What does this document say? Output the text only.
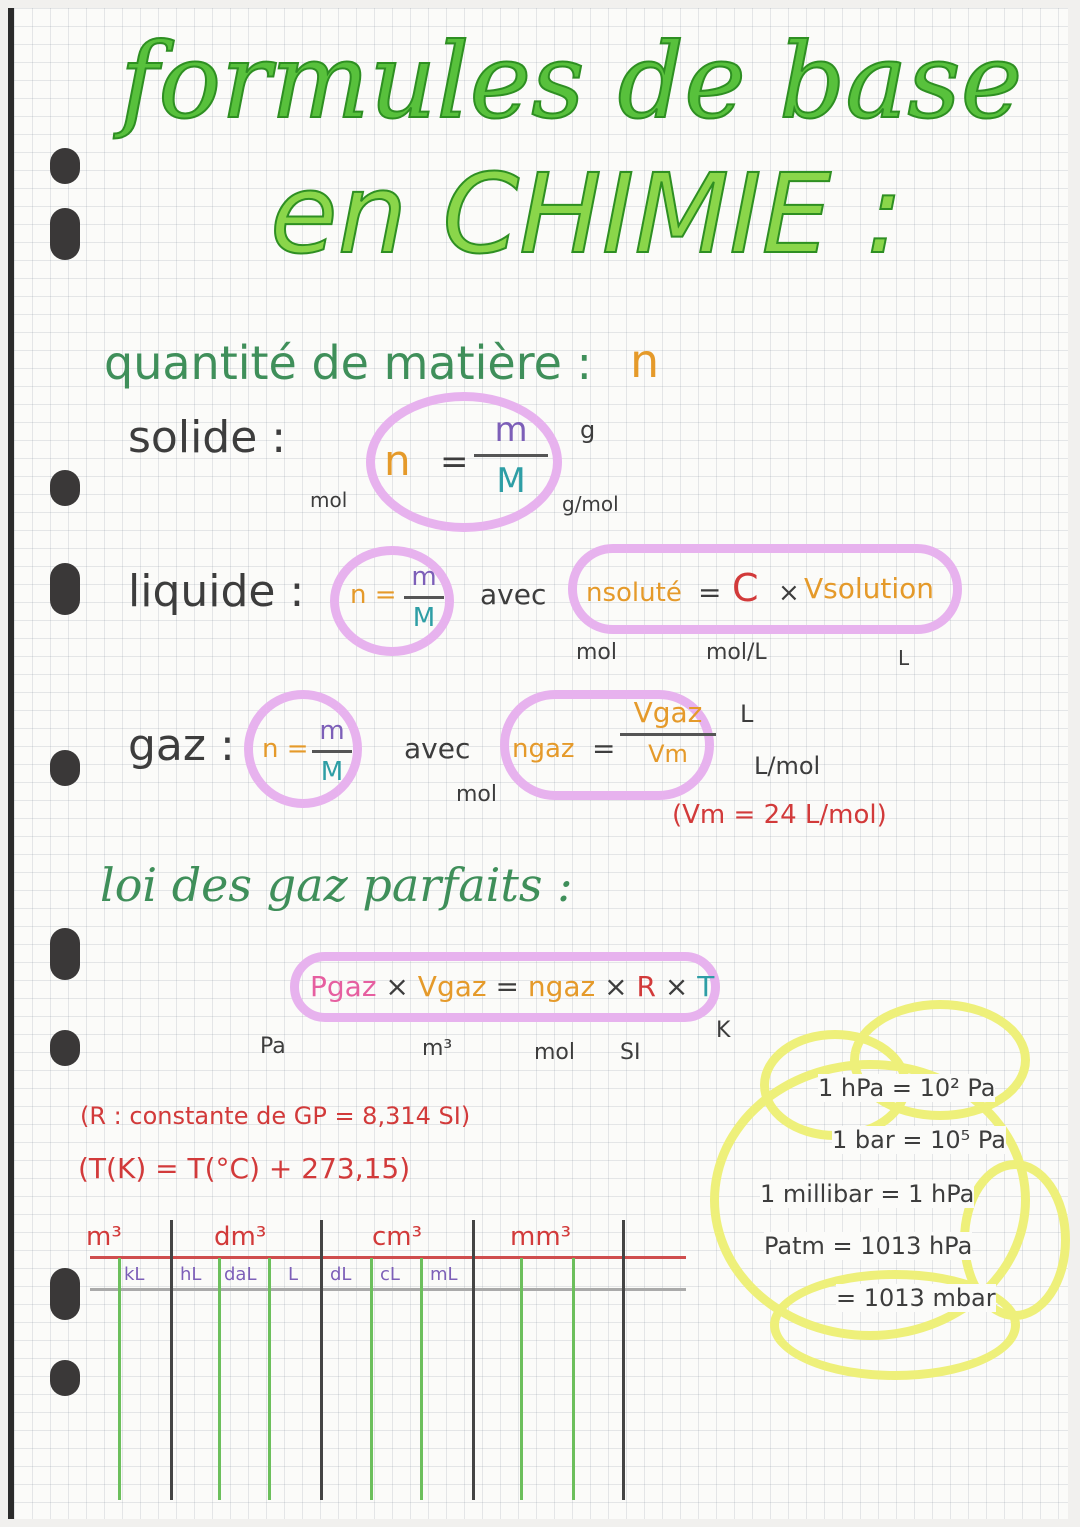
formules de base
en CHIMIE :
quantité de matière : n
solide : n =
m
M
mol
g
g/mol
liquide : n =
m
M
avec nsoluté = C × Vsolution
mol	mol/L	L
gaz : n =
m
M
avec ngaz =
Vgaz
Vm
L
L/mol
mol
(Vm = 24 L/mol)
loi des gaz parfaits :
Pgaz × Vgaz = ngaz × R × T
Pa	m³	mol SI
K
(R : constante de GP = 8,314 SI)
(T(K) = T(°C) + 273,15)
m³	dm³	cm³	mm³
kL hL daL L dL cL mL
1 hPa = 10² Pa
1 bar = 10⁵ Pa
1 millibar = 1 hPa
Patm = 1013 hPa
= 1013 mbar
